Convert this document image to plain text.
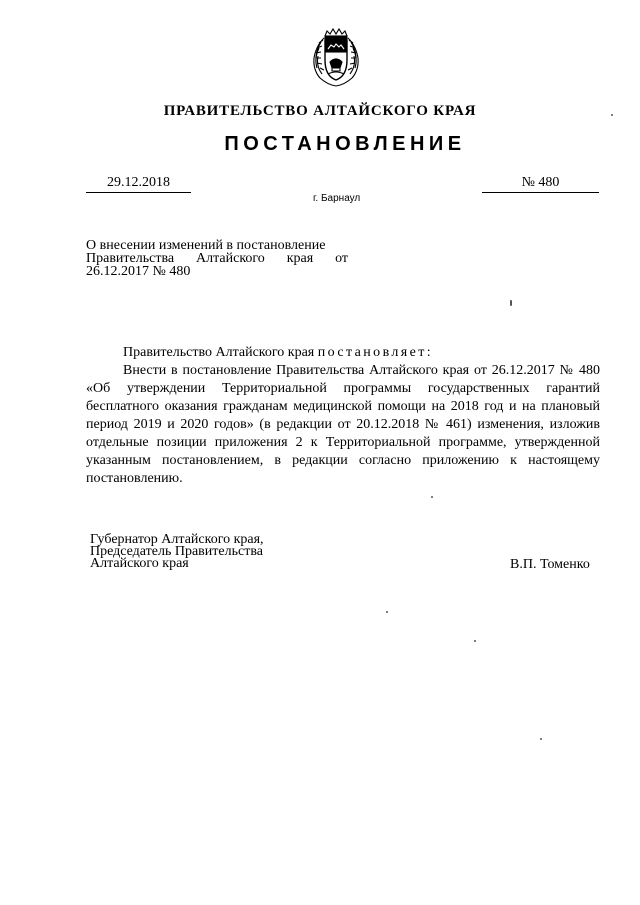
ПРАВИТЕЛЬСТВО АЛТАЙСКОГО КРАЯ
ПОСТАНОВЛЕНИЕ
29.12.2018	№ 480
г. Барнаул
О внесении изменений в постановление
Правительства Алтайского края от
26.12.2017 № 480

Правительство Алтайского края постановляет:

Внести в постановление Правительства Алтайского края от 26.12.2017 № 480 «Об утверждении Территориальной программы государственных гарантий бесплатного оказания гражданам медицинской помощи на 2018 год и на плановый период 2019 и 2020 годов» (в редакции от 20.12.2018 № 461) изменения, изложив отдельные позиции приложения 2 к Территориальной программе, утвержденной указанным постановлением, в редакции согласно приложению к настоящему постановлению.

Губернатор Алтайского края,
Председатель Правительства
Алтайского края	В.П. Томенко
